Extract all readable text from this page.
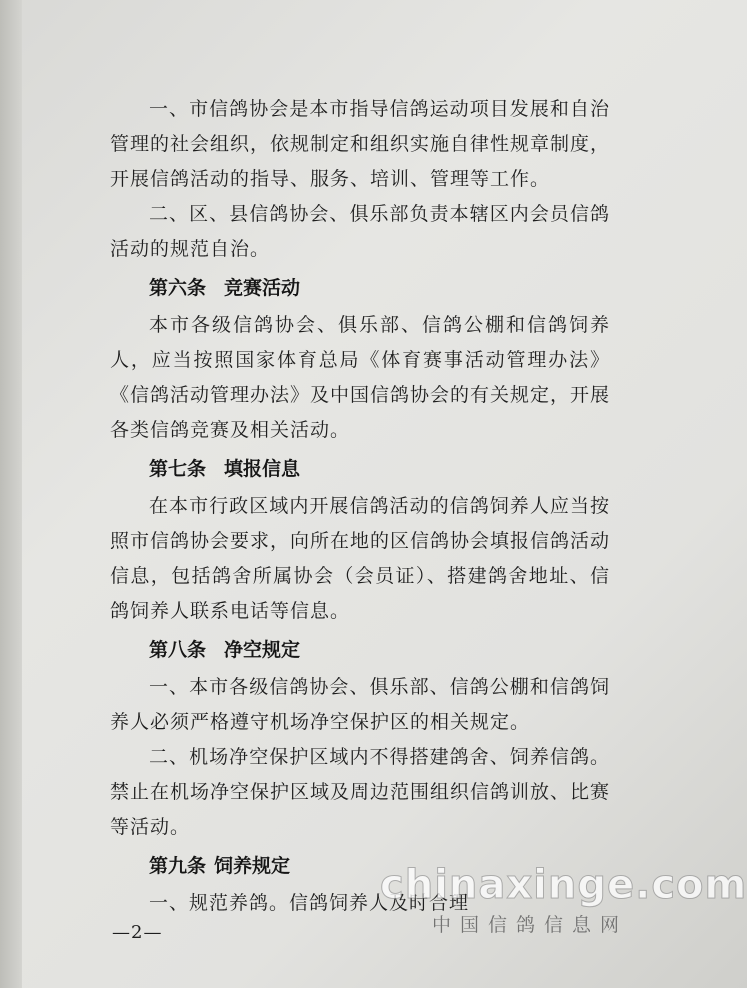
一、市信鸽协会是本市指导信鸽运动项目发展和自治管理的社会组织，依规制定和组织实施自律性规章制度，开展信鸽活动的指导、服务、培训、管理等工作。

二、区、县信鸽协会、俱乐部负责本辖区内会员信鸽活动的规范自治。

第六条 竞赛活动

本市各级信鸽协会、俱乐部、信鸽公棚和信鸽饲养人，应当按照国家体育总局《体育赛事活动管理办法》《信鸽活动管理办法》及中国信鸽协会的有关规定，开展各类信鸽竞赛及相关活动。

第七条 填报信息

在本市行政区域内开展信鸽活动的信鸽饲养人应当按照市信鸽协会要求，向所在地的区信鸽协会填报信鸽活动信息，包括鸽舍所属协会（会员证）、搭建鸽舍地址、信鸽饲养人联系电话等信息。

第八条 净空规定

一、本市各级信鸽协会、俱乐部、信鸽公棚和信鸽饲养人必须严格遵守机场净空保护区的相关规定。

二、机场净空保护区域内不得搭建鸽舍、饲养信鸽。禁止在机场净空保护区域及周边范围组织信鸽训放、比赛等活动。

第九条 饲养规定

一、规范养鸽。信鸽饲养人及时合理

—2—
chinaxinge.com
中国信鸽信息网
